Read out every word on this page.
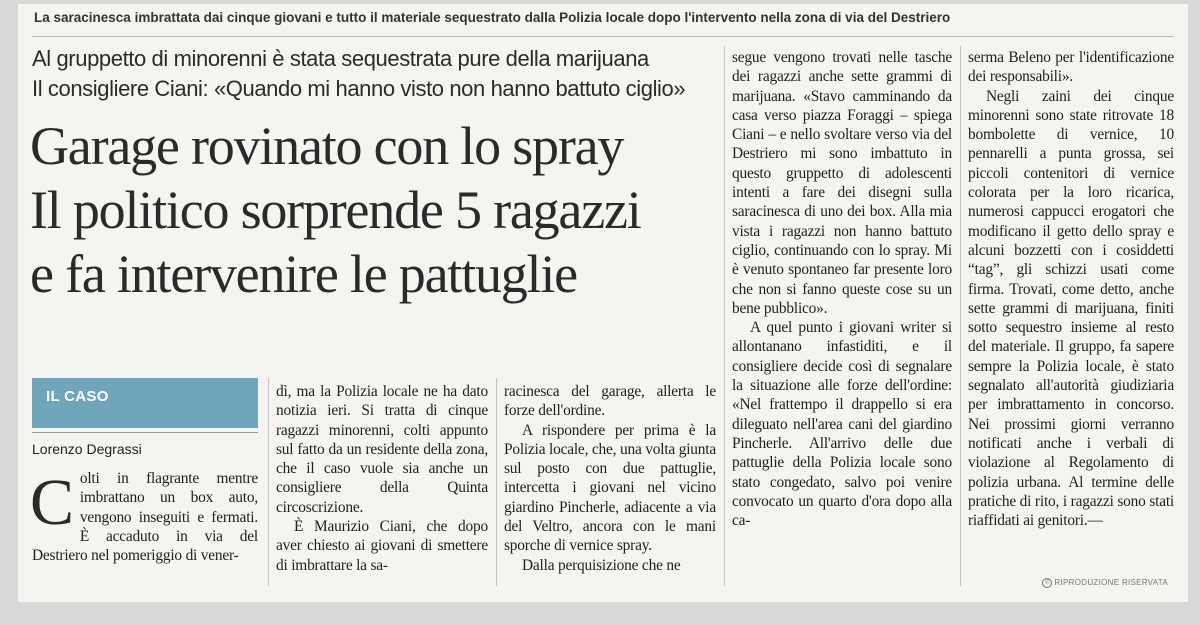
La saracinesca imbrattata dai cinque giovani e tutto il materiale sequestrato dalla Polizia locale dopo l'intervento nella zona di via del Destriero
Al gruppetto di minorenni è stata sequestrata pure della marijuana
Il consigliere Ciani: «Quando mi hanno visto non hanno battuto ciglio»
Garage rovinato con lo spray
Il politico sorprende 5 ragazzi
e fa intervenire le pattuglie
IL CASO
Lorenzo Degrassi

Colti in flagrante mentre imbrattano un box auto, vengono inseguiti e fermati. È accaduto in via del Destriero nel pomeriggio di vener-

dì, ma la Polizia locale ne ha dato notizia ieri. Si tratta di cinque ragazzi minorenni, colti appunto sul fatto da un residente della zona, che il caso vuole sia anche un consigliere della Quinta circoscrizione.

È Maurizio Ciani, che dopo aver chiesto ai giovani di smettere di imbrattare la sa-

racinesca del garage, allerta le forze dell'ordine.

A rispondere per prima è la Polizia locale, che, una volta giunta sul posto con due pattuglie, intercetta i giovani nel vicino giardino Pincherle, adiacente a via del Veltro, ancora con le mani sporche di vernice spray.

Dalla perquisizione che ne

segue vengono trovati nelle tasche dei ragazzi anche sette grammi di marijuana. «Stavo camminando da casa verso piazza Foraggi – spiega Ciani – e nello svoltare verso via del Destriero mi sono imbattuto in questo gruppetto di adolescenti intenti a fare dei disegni sulla saracinesca di uno dei box. Alla mia vista i ragazzi non hanno battuto ciglio, continuando con lo spray. Mi è venuto spontaneo far presente loro che non si fanno queste cose su un bene pubblico».

A quel punto i giovani writer si allontanano infastiditi, e il consigliere decide così di segnalare la situazione alle forze dell'ordine: «Nel frattempo il drappello si era dileguato nell'area cani del giardino Pincherle. All'arrivo delle due pattuglie della Polizia locale sono stato congedato, salvo poi venire convocato un quarto d'ora dopo alla ca-

serma Beleno per l'identificazione dei responsabili».

Negli zaini dei cinque minorenni sono state ritrovate 18 bombolette di vernice, 10 pennarelli a punta grossa, sei piccoli contenitori di vernice colorata per la loro ricarica, numerosi cappucci erogatori che modificano il getto dello spray e alcuni bozzetti con i cosiddetti “tag”, gli schizzi usati come firma. Trovati, come detto, anche sette grammi di marijuana, finiti sotto sequestro insieme al resto del materiale. Il gruppo, fa sapere sempre la Polizia locale, è stato segnalato all'autorità giudiziaria per imbrattamento in concorso. Nei prossimi giorni verranno notificati anche i verbali di violazione al Regolamento di polizia urbana. Al termine delle pratiche di rito, i ragazzi sono stati riaffidati ai genitori.—

© RIPRODUZIONE RISERVATA
